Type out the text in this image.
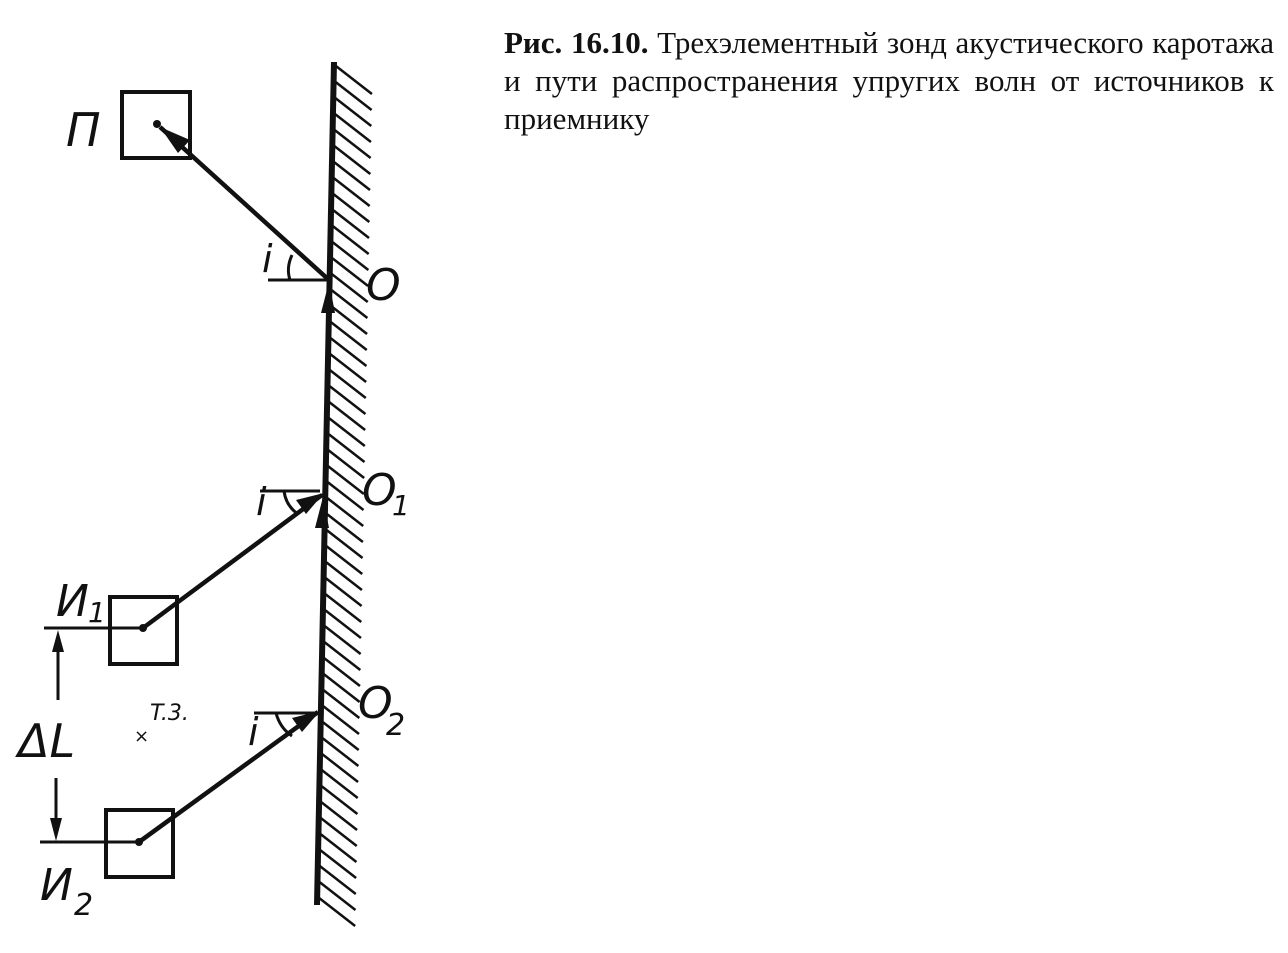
×
T.3.
П
O
O
1
O
2
i
i
i
И 1
И 2
ΔL
Рис. 16.10. Трехэлементный зонд акустического каротажа и пути распространения упругих волн от источников к приемнику
